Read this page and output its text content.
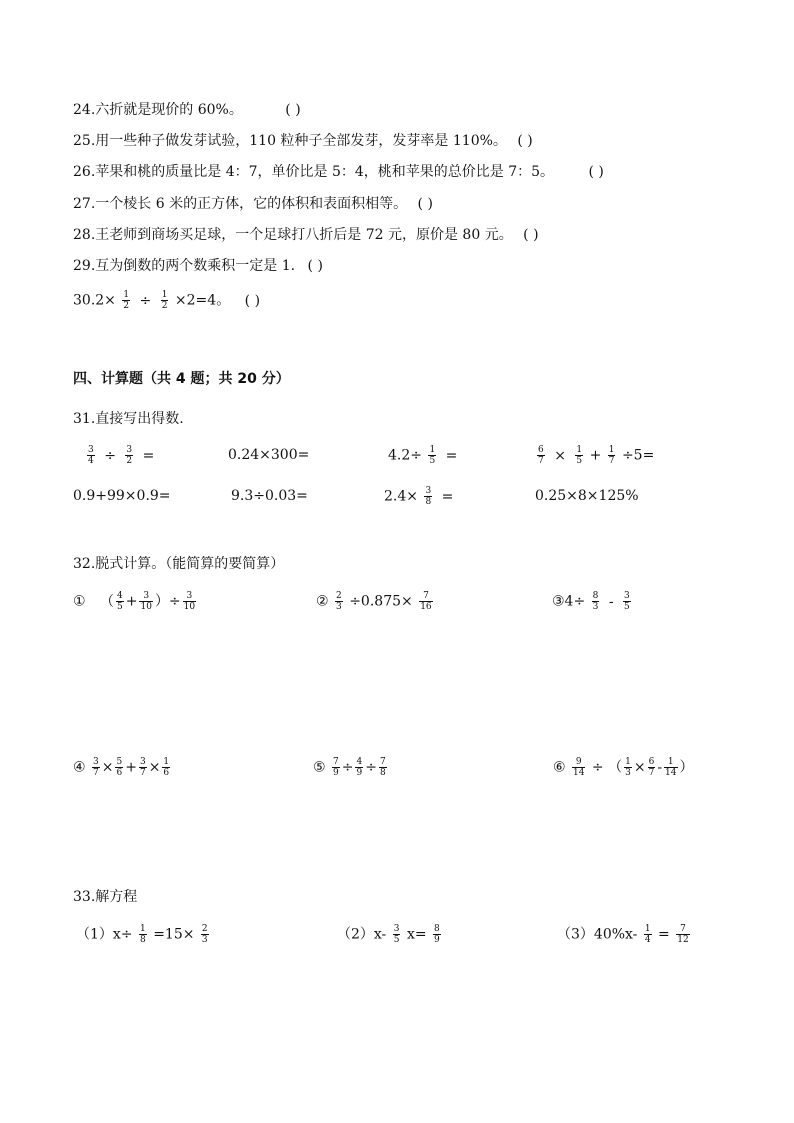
24.六折就是现价的 60%。	( )
25.用一些种子做发芽试验，110 粒种子全部发芽，发芽率是 110%。 ( )
26.苹果和桃的质量比是 4：7，单价比是 5：4，桃和苹果的总价比是 7：5。 ( )
27.一个棱长 6 米的正方体，它的体积和表面积相等。 ( )
28.王老师到商场买足球，一个足球打八折后是 72 元，原价是 80 元。 ( )
29.互为倒数的两个数乘积一定是 1. ( )
$30.2\times \frac{1}{2} \div \frac{1}{2} \times 2=4$。 ( )
四、计算题（共 4 题；共 20 分）
31.直接写出得数.
$\frac{3}{4} \div \frac{3}{2}$ =	0.24×300=	$4.2\div \frac{1}{5}$ =	$\frac{6}{7} \times \frac{1}{5} + \frac{1}{7} \div 5=$
0.9+99×0.9=	9.3÷0.03=	$2.4\times \frac{3}{8}$ =	0.25×8×125%
32.脱式计算。（能简算的要简算）
① （ $\frac{4}{5} + \frac{3}{10}$ ）÷ $\frac{3}{10}$	② $\frac{2}{3} \div 0.875\times \frac{7}{16}$	③4÷ $\frac{8}{3} - \frac{3}{5}$
④ $\frac{3}{7} \times \frac{5}{6} + \frac{3}{7} \times \frac{1}{6}$	⑤ $\frac{7}{9} \div \frac{4}{9} \div \frac{7}{8}$	⑥ $\frac{9}{14}$ ÷ （ $\frac{1}{3} \times \frac{6}{7} - \frac{1}{14}$ ）
33.解方程
$(1)x\div \frac{1}{8} =15\times \frac{2}{3}$	$(2)x- \frac{3}{5} x= \frac{8}{9}$	$(3)40\%x- \frac{1}{4} = \frac{7}{12}$
